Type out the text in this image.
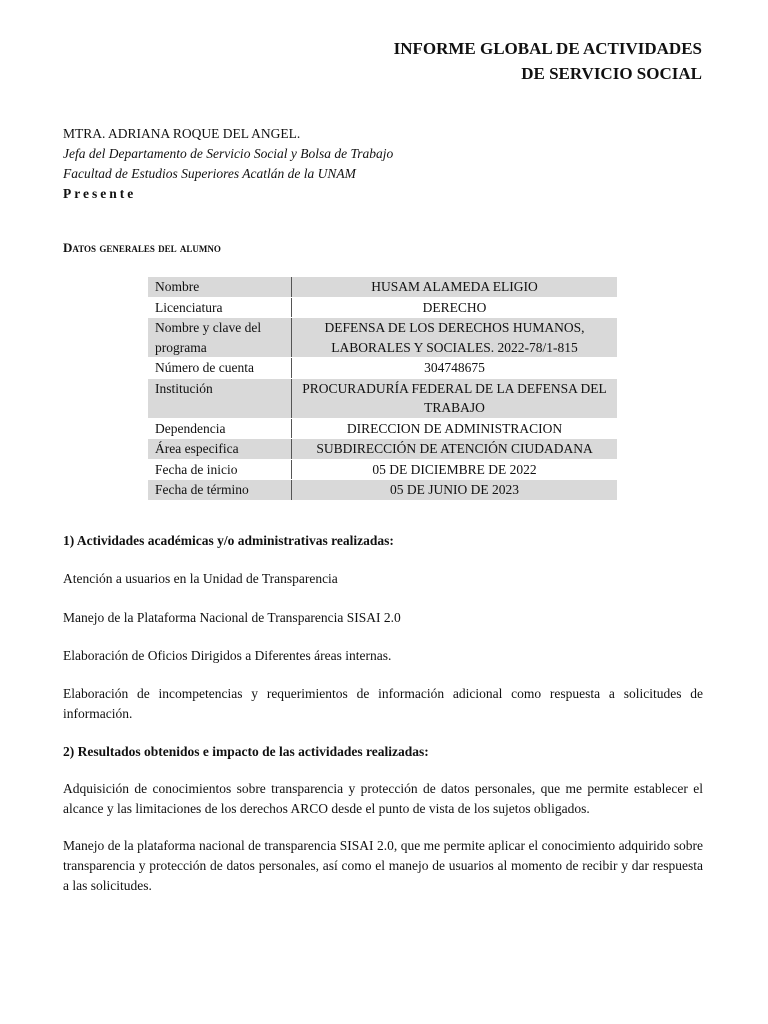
INFORME GLOBAL DE ACTIVIDADES
DE SERVICIO SOCIAL
MTRA. ADRIANA ROQUE DEL ANGEL.
Jefa del Departamento de Servicio Social y Bolsa de Trabajo
Facultad de Estudios Superiores Acatlán de la UNAM
Presente
Datos generales del alumno
Nombre	HUSAM ALAMEDA ELIGIO
Licenciatura	DERECHO
Nombre y clave del programa	DEFENSA DE LOS DERECHOS HUMANOS, LABORALES Y SOCIALES. 2022-78/1-815
Número de cuenta	304748675
Institución	PROCURADURÍA FEDERAL DE LA DEFENSA DEL TRABAJO
Dependencia	DIRECCION DE ADMINISTRACION
Área especifica	SUBDIRECCIÓN DE ATENCIÓN CIUDADANA
Fecha de inicio	05 DE DICIEMBRE DE 2022
Fecha de término	05 DE JUNIO DE 2023
1) Actividades académicas y/o administrativas realizadas:
Atención a usuarios en la Unidad de Transparencia
Manejo de la Plataforma Nacional de Transparencia SISAI 2.0
Elaboración de Oficios Dirigidos a Diferentes áreas internas.
Elaboración de incompetencias y requerimientos de información adicional como respuesta a solicitudes de información.
2) Resultados obtenidos e impacto de las actividades realizadas:
Adquisición de conocimientos sobre transparencia y protección de datos personales, que me permite establecer el alcance y las limitaciones de los derechos ARCO desde el punto de vista de los sujetos obligados.
Manejo de la plataforma nacional de transparencia SISAI 2.0, que me permite aplicar el conocimiento adquirido sobre transparencia y protección de datos personales, así como el manejo de usuarios al momento de recibir y dar respuesta a las solicitudes.
